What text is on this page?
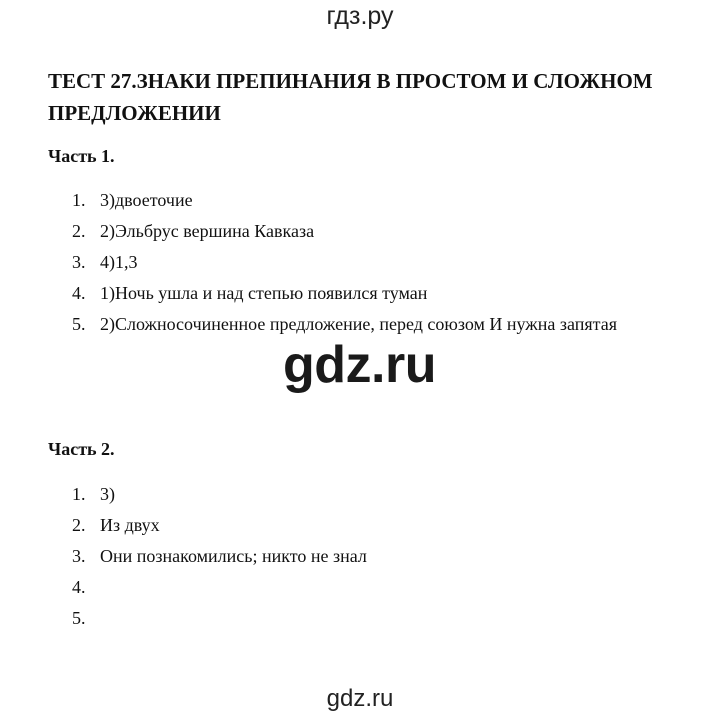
гдз.ру
ТЕСТ 27.ЗНАКИ ПРЕПИНАНИЯ В ПРОСТОМ И СЛОЖНОМ ПРЕДЛОЖЕНИИ
Часть 1.
1. 3)двоеточие
2. 2)Эльбрус вершина Кавказа
3. 4)1,3
4. 1)Ночь ушла и над степью появился туман
5. 2)Сложносочиненное предложение, перед союзом И нужна запятая
gdz.ru
Часть 2.
1. 3)
2. Из двух
3. Они познакомились; никто не знал
4.
5.
gdz.ru
